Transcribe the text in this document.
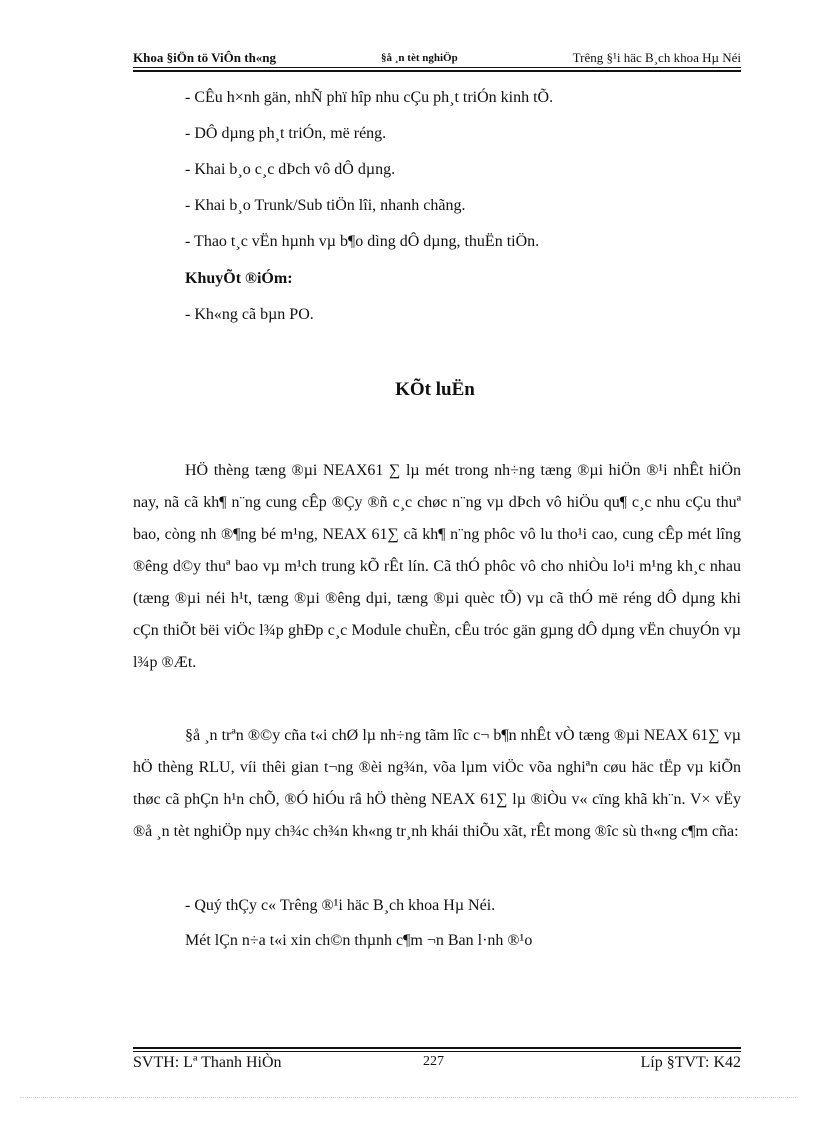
Khoa §iÖn tö ViÔn th«ng	§å ¸n tèt nghiÖp	Trêng §¹i häc B¸ch khoa Hµ Néi
- CÊu h×nh gän, nhÑ phï hîp nhu cÇu ph¸t triÓn kinh tÕ.
- DÔ dµng ph¸t triÓn, më réng.
- Khai b¸o c¸c dÞch vô dÔ dµng.
- Khai b¸o Trunk/Sub tiÖn lîi, nhanh chãng.
- Thao t¸c vËn hµnh vµ b¶o dìng dÔ dµng, thuËn tiÖn.
KhuyÕt ®iÓm:
- Kh«ng cã bµn PO.
KÕt luËn

HÖ thèng tæng ®µi NEAX61 ∑ lµ mét trong nh÷ng tæng ®µi hiÖn ®¹i nhÊt hiÖn nay, nã cã kh¶ n¨ng cung cÊp ®Çy ®ñ c¸c chøc n¨ng vµ dÞch vô hiÖu qu¶ c¸c nhu cÇu thuª bao, còng nh ®¶ng bé m¹ng, NEAX 61∑ cã kh¶ n¨ng phôc vô lu tho¹i cao, cung cÊp mét lîng ®êng d©y thuª bao vµ m¹ch trung kÕ rÊt lín. Cã thÓ phôc vô cho nhiÒu lo¹i m¹ng kh¸c nhau (tæng ®µi néi h¹t, tæng ®µi ®êng dµi, tæng ®µi quèc tÕ) vµ cã thÓ më réng dÔ dµng khi cÇn thiÕt bëi viÖc l¾p ghÐp c¸c Module chuÈn, cÊu tróc gän gµng dÔ dµng vËn chuyÓn vµ l¾p ®Æt.

§å ¸n trªn ®©y cña t«i chØ lµ nh÷ng tãm lîc c¬ b¶n nhÊt vÒ tæng ®µi NEAX 61∑ vµ hÖ thèng RLU, víi thêi gian t¬ng ®èi ng¾n, võa lµm viÖc võa nghiªn cøu häc tËp vµ kiÕn thøc cã phÇn h¹n chÕ, ®Ó hiÓu râ hÖ thèng NEAX 61∑ lµ ®iÒu v« cïng khã kh¨n. V× vËy ®å ¸n tèt nghiÖp nµy ch¾c ch¾n kh«ng tr¸nh khái thiÕu xãt, rÊt mong ®îc sù th«ng c¶m cña:

- Quý thÇy c« Trêng ®¹i häc B¸ch khoa Hµ Néi.
Mét lÇn n÷a t«i xin ch©n thµnh c¶m ¬n Ban l·nh ®¹o
SVTH: Lª Thanh HiÒn	227	Líp §TVT: K42
